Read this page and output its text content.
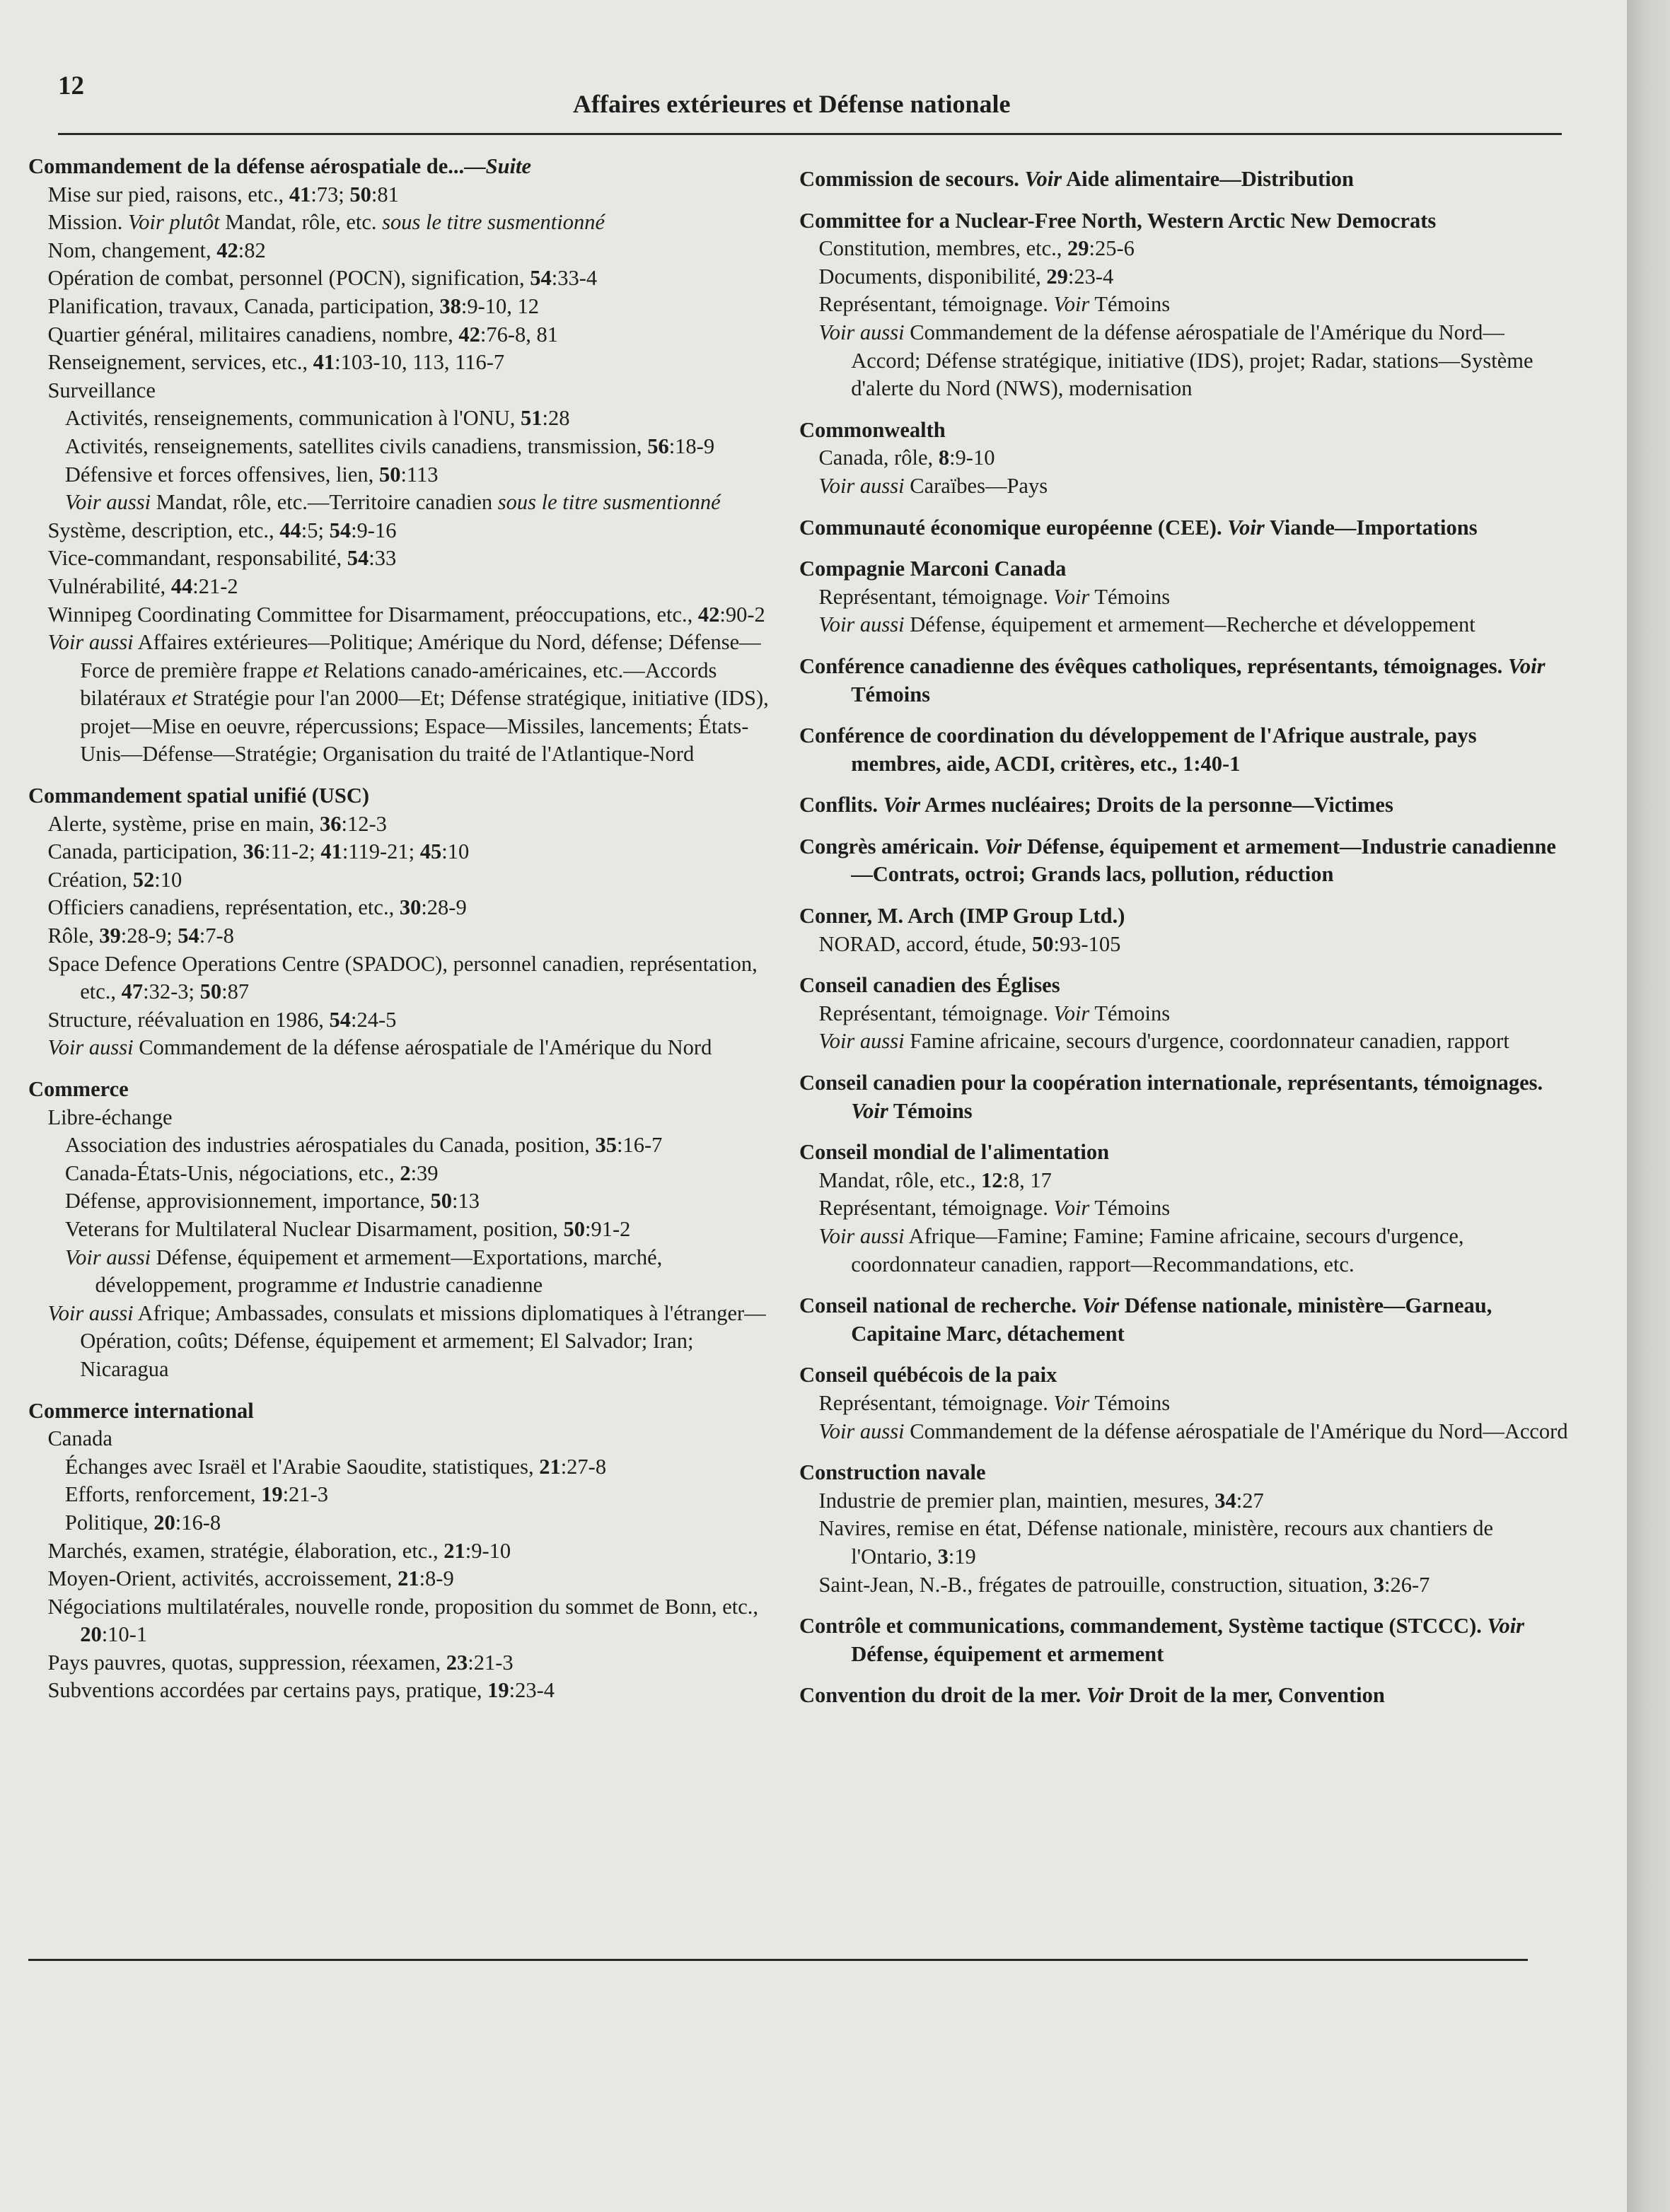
12
Affaires extérieures et Défense nationale
Commandement de la défense aérospatiale de...—Suite
Mise sur pied, raisons, etc., 41:73; 50:81
Mission. Voir plutôt Mandat, rôle, etc. sous le titre susmentionné
Nom, changement, 42:82
Opération de combat, personnel (POCN), signification, 54:33-4
Planification, travaux, Canada, participation, 38:9-10, 12
Quartier général, militaires canadiens, nombre, 42:76-8, 81
Renseignement, services, etc., 41:103-10, 113, 116-7
Surveillance
Activités, renseignements, communication à l'ONU, 51:28
Activités, renseignements, satellites civils canadiens, transmission, 56:18-9
Défensive et forces offensives, lien, 50:113
Voir aussi Mandat, rôle, etc.—Territoire canadien sous le titre susmentionné
Système, description, etc., 44:5; 54:9-16
Vice-commandant, responsabilité, 54:33
Vulnérabilité, 44:21-2
Winnipeg Coordinating Committee for Disarmament, préoccupations, etc., 42:90-2
Voir aussi Affaires extérieures—Politique; Amérique du Nord, défense; Défense—Force de première frappe et Relations canado-américaines, etc.—Accords bilatéraux et Stratégie pour l'an 2000—Et; Défense stratégique, initiative (IDS), projet—Mise en oeuvre, répercussions; Espace—Missiles, lancements; États-Unis—Défense—Stratégie; Organisation du traité de l'Atlantique-Nord
Commandement spatial unifié (USC)
Alerte, système, prise en main, 36:12-3
Canada, participation, 36:11-2; 41:119-21; 45:10
Création, 52:10
Officiers canadiens, représentation, etc., 30:28-9
Rôle, 39:28-9; 54:7-8
Space Defence Operations Centre (SPADOC), personnel canadien, représentation, etc., 47:32-3; 50:87
Structure, réévaluation en 1986, 54:24-5
Voir aussi Commandement de la défense aérospatiale de l'Amérique du Nord
Commerce
Libre-échange
Association des industries aérospatiales du Canada, position, 35:16-7
Canada-États-Unis, négociations, etc., 2:39
Défense, approvisionnement, importance, 50:13
Veterans for Multilateral Nuclear Disarmament, position, 50:91-2
Voir aussi Défense, équipement et armement—Exportations, marché, développement, programme et Industrie canadienne
Voir aussi Afrique; Ambassades, consulats et missions diplomatiques à l'étranger—Opération, coûts; Défense, équipement et armement; El Salvador; Iran; Nicaragua
Commerce international
Canada
Échanges avec Israël et l'Arabie Saoudite, statistiques, 21:27-8
Efforts, renforcement, 19:21-3
Politique, 20:16-8
Marchés, examen, stratégie, élaboration, etc., 21:9-10
Moyen-Orient, activités, accroissement, 21:8-9
Négociations multilatérales, nouvelle ronde, proposition du sommet de Bonn, etc., 20:10-1
Pays pauvres, quotas, suppression, réexamen, 23:21-3
Subventions accordées par certains pays, pratique, 19:23-4
Commission de secours. Voir Aide alimentaire—Distribution
Committee for a Nuclear-Free North, Western Arctic New Democrats
Constitution, membres, etc., 29:25-6
Documents, disponibilité, 29:23-4
Représentant, témoignage. Voir Témoins
Voir aussi Commandement de la défense aérospatiale de l'Amérique du Nord—Accord; Défense stratégique, initiative (IDS), projet; Radar, stations—Système d'alerte du Nord (NWS), modernisation
Commonwealth
Canada, rôle, 8:9-10
Voir aussi Caraïbes—Pays
Communauté économique européenne (CEE). Voir Viande—Importations
Compagnie Marconi Canada
Représentant, témoignage. Voir Témoins
Voir aussi Défense, équipement et armement—Recherche et développement
Conférence canadienne des évêques catholiques, représentants, témoignages. Voir Témoins
Conférence de coordination du développement de l'Afrique australe, pays membres, aide, ACDI, critères, etc., 1:40-1
Conflits. Voir Armes nucléaires; Droits de la personne—Victimes
Congrès américain. Voir Défense, équipement et armement—Industrie canadienne—Contrats, octroi; Grands lacs, pollution, réduction
Conner, M. Arch (IMP Group Ltd.)
NORAD, accord, étude, 50:93-105
Conseil canadien des Églises
Représentant, témoignage. Voir Témoins
Voir aussi Famine africaine, secours d'urgence, coordonnateur canadien, rapport
Conseil canadien pour la coopération internationale, représentants, témoignages. Voir Témoins
Conseil mondial de l'alimentation
Mandat, rôle, etc., 12:8, 17
Représentant, témoignage. Voir Témoins
Voir aussi Afrique—Famine; Famine; Famine africaine, secours d'urgence, coordonnateur canadien, rapport—Recommandations, etc.
Conseil national de recherche. Voir Défense nationale, ministère—Garneau, Capitaine Marc, détachement
Conseil québécois de la paix
Représentant, témoignage. Voir Témoins
Voir aussi Commandement de la défense aérospatiale de l'Amérique du Nord—Accord
Construction navale
Industrie de premier plan, maintien, mesures, 34:27
Navires, remise en état, Défense nationale, ministère, recours aux chantiers de l'Ontario, 3:19
Saint-Jean, N.-B., frégates de patrouille, construction, situation, 3:26-7
Contrôle et communications, commandement, Système tactique (STCCC). Voir Défense, équipement et armement
Convention du droit de la mer. Voir Droit de la mer, Convention
